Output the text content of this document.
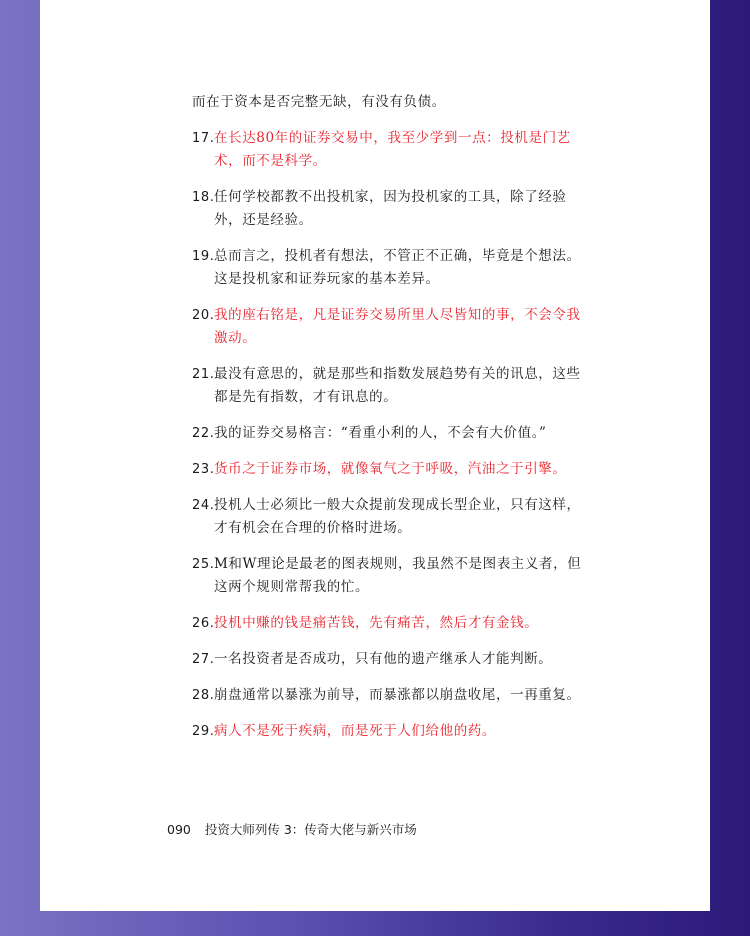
而在于资本是否完整无缺，有没有负债。
17. 在长达80年的证券交易中，我至少学到一点：投机是门艺术，而不是科学。
18. 任何学校都教不出投机家，因为投机家的工具，除了经验外，还是经验。
19. 总而言之，投机者有想法，不管正不正确，毕竟是个想法。这是投机家和证券玩家的基本差异。
20. 我的座右铭是，凡是证券交易所里人尽皆知的事，不会令我激动。
21. 最没有意思的，就是那些和指数发展趋势有关的讯息，这些都是先有指数，才有讯息的。
22. 我的证券交易格言：“看重小利的人，不会有大价值。”
23. 货币之于证券市场，就像氧气之于呼吸，汽油之于引擎。
24. 投机人士必须比一般大众提前发现成长型企业，只有这样，才有机会在合理的价格时进场。
25. M和W理论是最老的图表规则，我虽然不是图表主义者，但这两个规则常帮我的忙。
26. 投机中赚的钱是痛苦钱，先有痛苦，然后才有金钱。
27. 一名投资者是否成功，只有他的遗产继承人才能判断。
28. 崩盘通常以暴涨为前导，而暴涨都以崩盘收尾，一再重复。
29. 病人不是死于疾病，而是死于人们给他的药。
090 投资大师列传 3：传奇大佬与新兴市场
